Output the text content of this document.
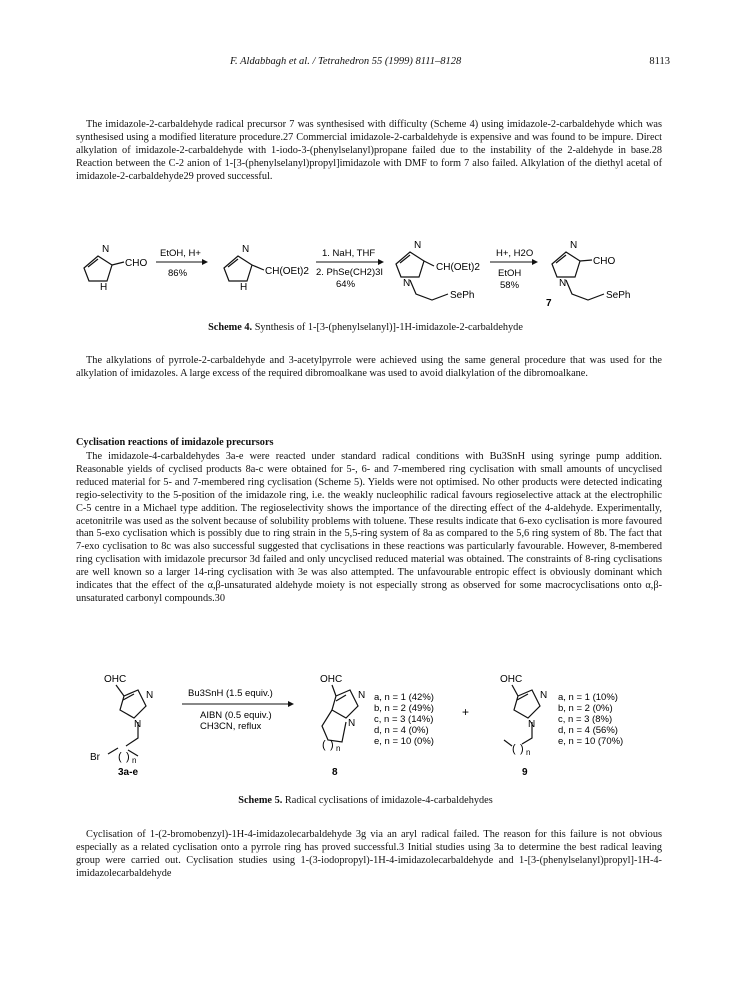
F. Aldabbagh et al. / Tetrahedron 55 (1999) 8111–8128	8113

The imidazole-2-carbaldehyde radical precursor 7 was synthesised with difficulty (Scheme 4) using imidazole-2-carbaldehyde which was synthesised using a modified literature procedure.27 Commercial imidazole-2-carbaldehyde is expensive and was found to be impure. Direct alkylation of imidazole-2-carbaldehyde with 1-iodo-3-(phenylselanyl)propane failed due to the instability of the 2-aldehyde in base.28 Reaction between the C-2 anion of 1-[3-(phenylselanyl)propyl]imidazole with DMF to form 7 also failed. Alkylation of the diethyl acetal of imidazole-2-carbaldehyde29 proved successful.

N
H
CHO
EtOH, H+
86%
N
H
CH(OEt)2
1. NaH, THF
2. PhSe(CH2)3I
64%
N
N
CH(OEt)2
SePh
H+, H2O
EtOH
58%
N
N
CHO
SePh
7
Scheme 4. Synthesis of 1-[3-(phenylselanyl)]-1H-imidazole-2-carbaldehyde

The alkylations of pyrrole-2-carbaldehyde and 3-acetylpyrrole were achieved using the same general procedure that was used for the alkylation of imidazoles. A large excess of the required dibromoalkane was used to avoid dialkylation of the dibromoalkane.

Cyclisation reactions of imidazole precursors

The imidazole-4-carbaldehydes 3a-e were reacted under standard radical conditions with Bu3SnH using syringe pump addition. Reasonable yields of cyclised products 8a-c were obtained for 5-, 6- and 7-membered ring cyclisation with small amounts of uncyclised reduced material for 5- and 7-membered ring cyclisation (Scheme 5). Yields were not optimised. No other products were detected indicating regio-selectivity to the 5-position of the imidazole ring, i.e. the weakly nucleophilic radical favours regioselective attack at the electrophilic C-5 centre in a Michael type addition. The regioselectivity shows the importance of the directing effect of the 4-aldehyde. Experimentally, acetonitrile was used as the solvent because of solubility problems with toluene. These results indicate that 6-exo cyclisation is more favoured than 5-exo cyclisation which is possibly due to ring strain in the 5,5-ring system of 8a as compared to the 5,6 ring system of 8b. The fact that 7-exo cyclisation to 8c was also successful suggested that cyclisations in these reactions was particularly favourable. However, 8-membered ring cyclisation with imidazole precursor 3d failed and only uncyclised reduced material was obtained. The constraints of 8-ring cyclisations are well known so a larger 14-ring cyclisation with 3e was also attempted. The unfavourable entropic effect is obviously dominant which indicates that the effect of the α,β-unsaturated aldehyde moiety is not especially strong as observed for some macrocyclisations onto α,β-unsaturated carbonyl compounds.30

OHC
N
N
Br ( ) n
3a-e
Bu3SnH (1.5 equiv.)
AIBN (0.5 equiv.)
CH3CN, reflux
OHC
N
N
( ) n
8
a, n = 1 (42%)
b, n = 2 (49%)
c, n = 3 (14%)
d, n = 4 (0%)
e, n = 10 (0%)
+
OHC
N
N
( ) n
9
a, n = 1 (10%)
b, n = 2 (0%)
c, n = 3 (8%)
d, n = 4 (56%)
e, n = 10 (70%)
Scheme 5. Radical cyclisations of imidazole-4-carbaldehydes

Cyclisation of 1-(2-bromobenzyl)-1H-4-imidazolecarbaldehyde 3g via an aryl radical failed. The reason for this failure is not obvious especially as a related cyclisation onto a pyrrole ring has proved successful.3 Initial studies using 3a to determine the best radical leaving group were carried out. Cyclisation studies using 1-(3-iodopropyl)-1H-4-imidazolecarbaldehyde and 1-[3-(phenylselanyl)propyl]-1H-4-imidazolecarbaldehyde
